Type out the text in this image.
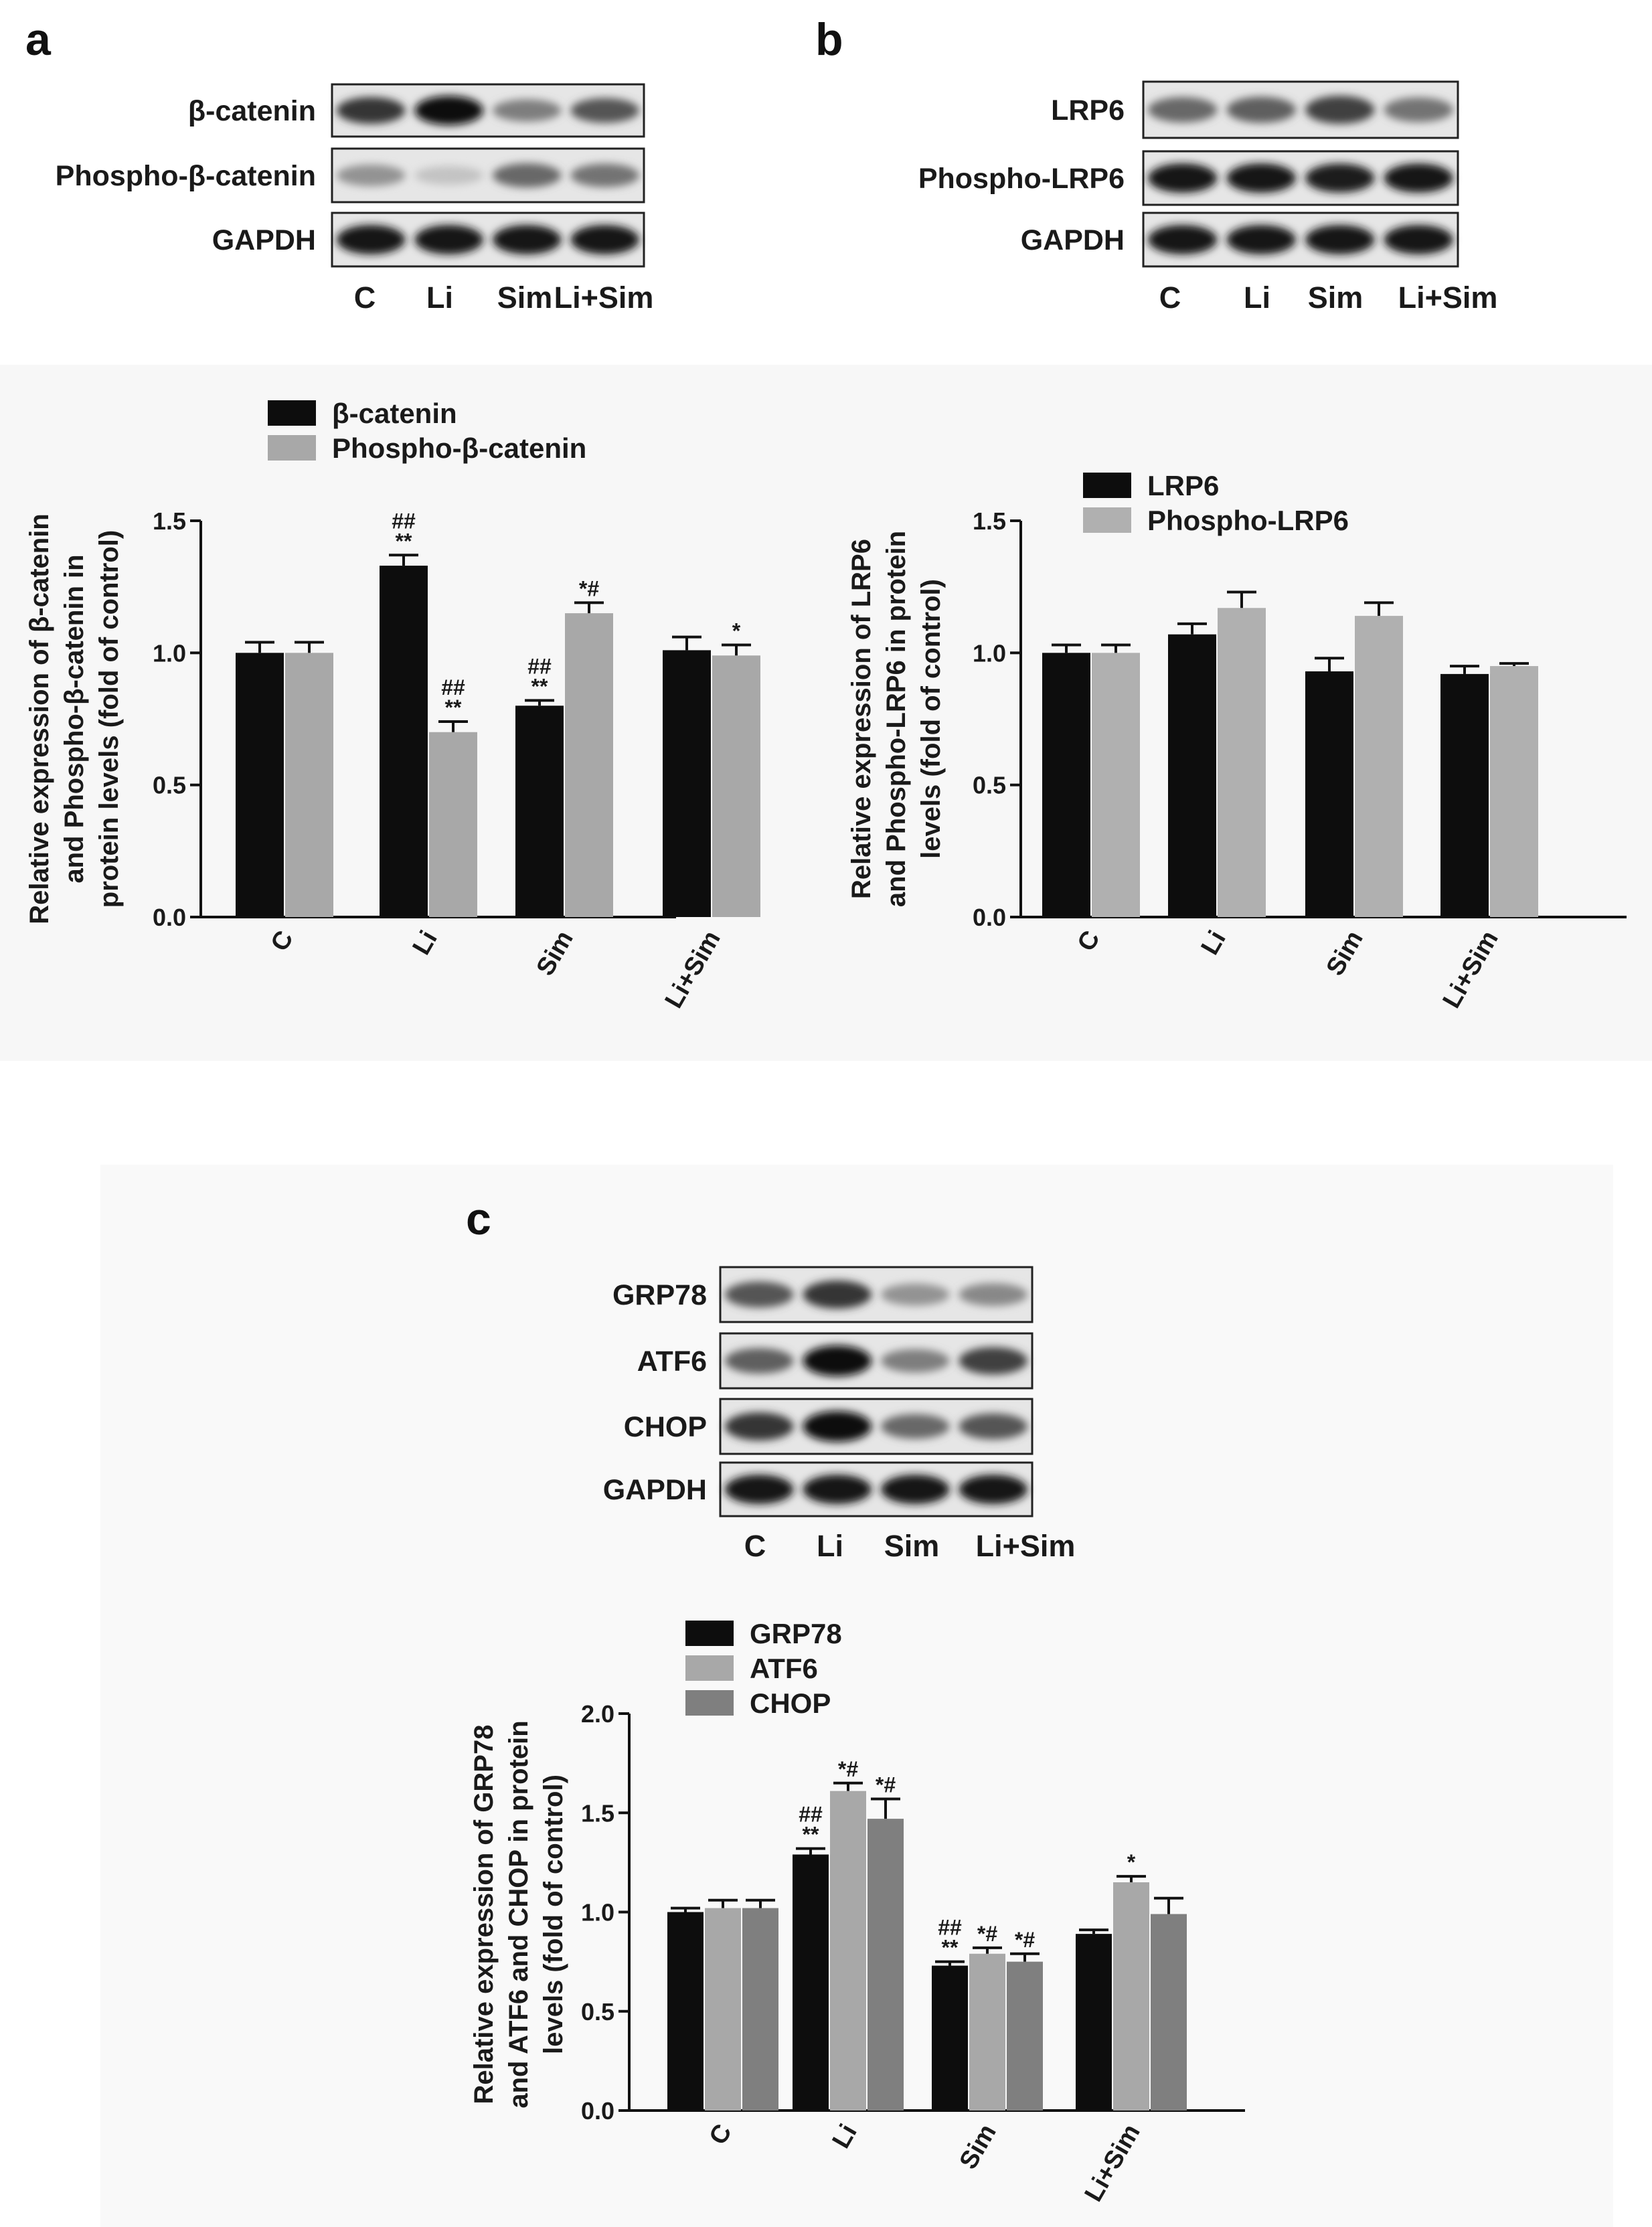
a	b
c
β-catenin
Phospho-β-catenin
GAPDH
C Li Sim Li+Sim
LRP6
Phospho-LRP6
GAPDH
C Li Sim Li+Sim
GRP78
ATF6
CHOP
GAPDH
C Li Sim Li+Sim
0.0
0.5
1.0
1.5	## **
## **
## **
*#
*
C	Li	Sim	Li+Sim
Relative expression of β-catenin and Phospho-β-catenin in protein levels (fold of control)
β-catenin
Phospho-β-catenin
0.0
0.5
1.0
1.5
C	Li	Sim	Li+Sim
Relative expression of LRP6 and Phospho-LRP6 in protein levels (fold of control)
LRP6
Phospho-LRP6
0.0
0.5
1.0
1.5
2.0
## **
## **
*#
*#
*
*#
*#
C	Li	Sim	Li+Sim
Relative expression of GRP78 and ATF6 and CHOP in protein levels (fold of control)
GRP78
ATF6
CHOP
